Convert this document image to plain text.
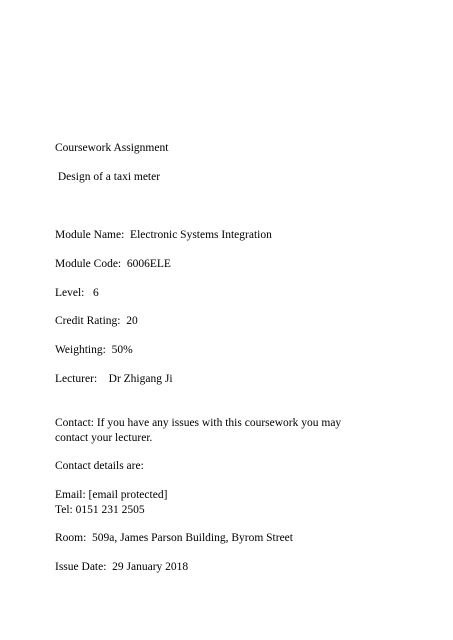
Coursework Assignment
Design of a taxi meter
Module Name:  Electronic Systems Integration
Module Code:  6006ELE
Level:   6
Credit Rating:  20
Weighting:  50%
Lecturer:    Dr Zhigang Ji
Contact: If you have any issues with this coursework you may
contact your lecturer.
Contact details are:
Email: [email protected]
Tel: 0151 231 2505
Room:  509a, James Parson Building, Byrom Street
Issue Date:  29 January 2018
